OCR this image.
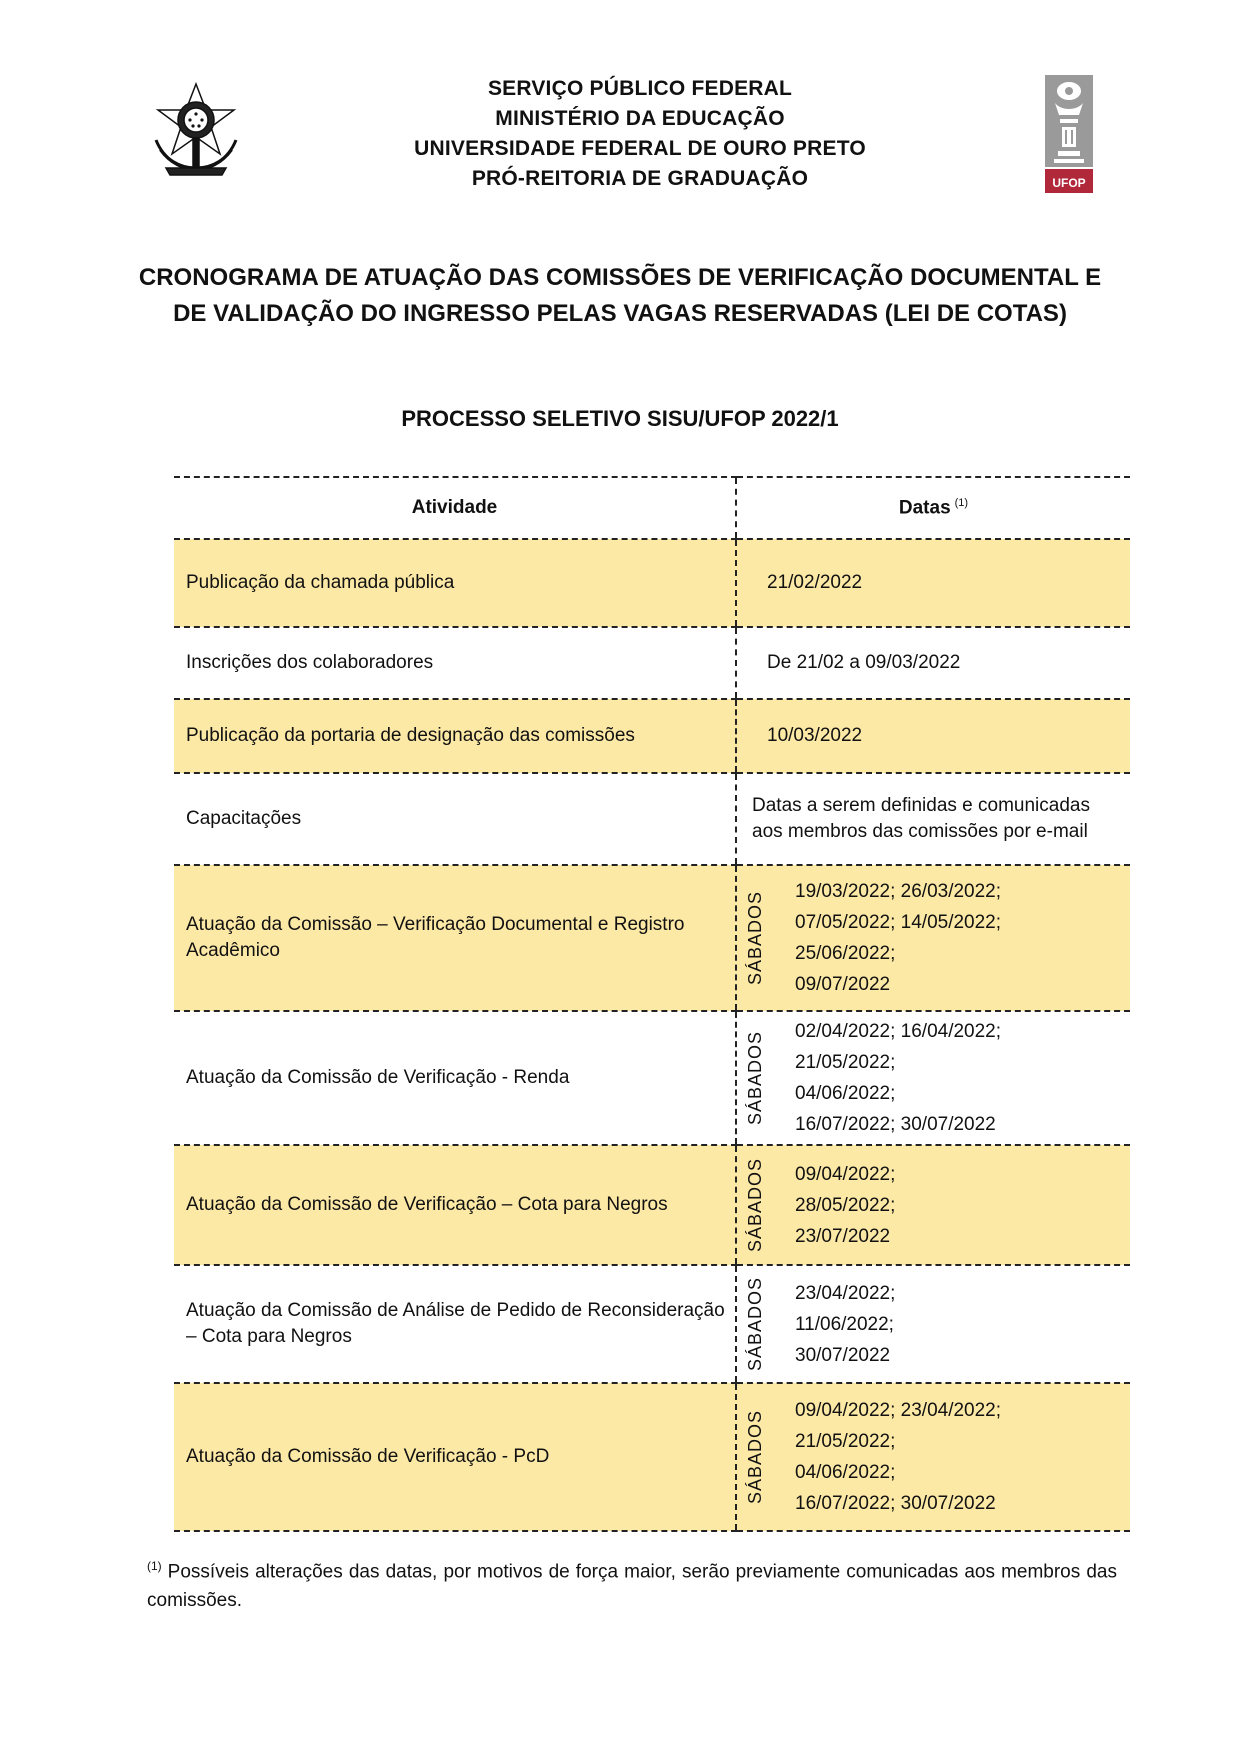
SERVIÇO PÚBLICO FEDERAL
MINISTÉRIO DA EDUCAÇÃO
UNIVERSIDADE FEDERAL DE OURO PRETO
PRÓ-REITORIA DE GRADUAÇÃO	UFOP
CRONOGRAMA DE ATUAÇÃO DAS COMISSÕES DE VERIFICAÇÃO DOCUMENTAL E
DE VALIDAÇÃO DO INGRESSO PELAS VAGAS RESERVADAS (LEI DE COTAS)
PROCESSO SELETIVO SISU/UFOP 2022/1
Atividade	Datas $^{(1)}$
Publicação da chamada pública	21/02/2022
Inscrições dos colaboradores	De 21/02 a 09/03/2022
Publicação da portaria de designação das comissões	10/03/2022
Capacitações	Datas a serem definidas e comunicadas
aos membros das comissões por e-mail

Atuação da Comissão – Verificação Documental e Registro Acadêmico	SÁBADOS 19/03/2022; 26/03/2022;
07/05/2022; 14/05/2022;
25/06/2022;
09/07/2022

Atuação da Comissão de Verificação - Renda	SÁBADOS 02/04/2022; 16/04/2022;
21/05/2022;
04/06/2022;
16/07/2022; 30/07/2022

Atuação da Comissão de Verificação – Cota para Negros	SÁBADOS 09/04/2022;
28/05/2022;
23/07/2022

Atuação da Comissão de Análise de Pedido de Reconsideração – Cota para Negros	SÁBADOS 23/04/2022;
11/06/2022;
30/07/2022

Atuação da Comissão de Verificação - PcD	SÁBADOS 09/04/2022; 23/04/2022;
21/05/2022;
04/06/2022;
16/07/2022; 30/07/2022
$^{(1)}$ Possíveis alterações das datas, por motivos de força maior, serão previamente comunicadas aos membros das comissões.
